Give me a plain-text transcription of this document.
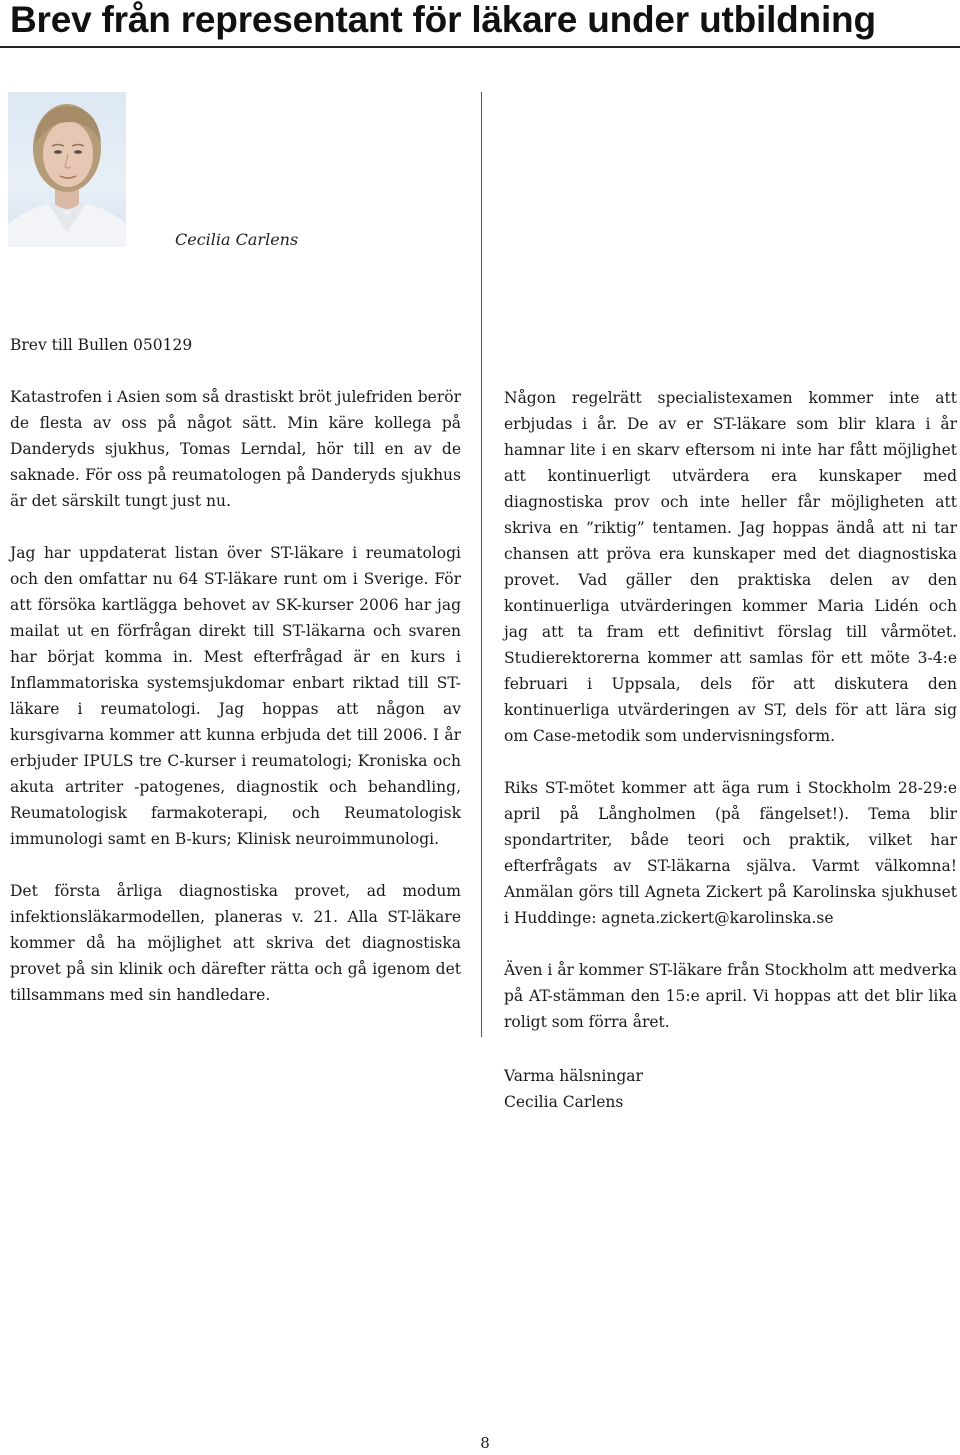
Brev från representant för läkare under utbildning
Cecilia Carlens

Brev till Bullen 050129

Katastrofen i Asien som så drastiskt bröt julefriden berör de flesta av oss på något sätt. Min käre kollega på Danderyds sjukhus, Tomas Lerndal, hör till en av de saknade. För oss på reumatologen på Danderyds sjukhus är det särskilt tungt just nu.

Jag har uppdaterat listan över ST-läkare i reumatologi och den omfattar nu 64 ST-läkare runt om i Sverige. För att försöka kartlägga behovet av SK-kurser 2006 har jag mailat ut en förfrågan direkt till ST-läkarna och svaren har börjat komma in. Mest efterfrågad är en kurs i Inflammatoriska systemsjukdomar enbart riktad till ST-läkare i reumatologi. Jag hoppas att någon av kursgivarna kommer att kunna erbjuda det till 2006. I år erbjuder IPULS tre C-kurser i reumatologi; Kroniska och akuta artriter -patogenes, diagnostik och behandling, Reumatologisk farmakoterapi, och Reumatologisk immunologi samt en B-kurs; Klinisk neuroimmunologi.

Det första årliga diagnostiska provet, ad modum infektionsläkarmodellen, planeras v. 21. Alla ST-läkare kommer då ha möjlighet att skriva det diagnostiska provet på sin klinik och därefter rätta och gå igenom det tillsammans med sin handledare.

Någon regelrätt specialistexamen kommer inte att erbjudas i år. De av er ST-läkare som blir klara i år hamnar lite i en skarv eftersom ni inte har fått möjlighet att kontinuerligt utvärdera era kunskaper med diagnostiska prov och inte heller får möjligheten att skriva en ”riktig” tentamen. Jag hoppas ändå att ni tar chansen att pröva era kunskaper med det diagnostiska provet. Vad gäller den praktiska delen av den kontinuerliga utvärderingen kommer Maria Lidén och jag att ta fram ett definitivt förslag till vårmötet. Studierektorerna kommer att samlas för ett möte 3-4:e februari i Uppsala, dels för att diskutera den kontinuerliga utvärderingen av ST, dels för att lära sig om Case-metodik som undervisningsform.

Riks ST-mötet kommer att äga rum i Stockholm 28-29:e april på Långholmen (på fängelset!). Tema blir spondartriter, både teori och praktik, vilket har efterfrågats av ST-läkarna själva. Varmt välkomna! Anmälan görs till Agneta Zickert på Karolinska sjukhuset i Huddinge: agneta.zickert@karolinska.se

Även i år kommer ST-läkare från Stockholm att medverka på AT-stämman den 15:e april. Vi hoppas att det blir lika roligt som förra året.

Varma hälsningar
Cecilia Carlens
8
